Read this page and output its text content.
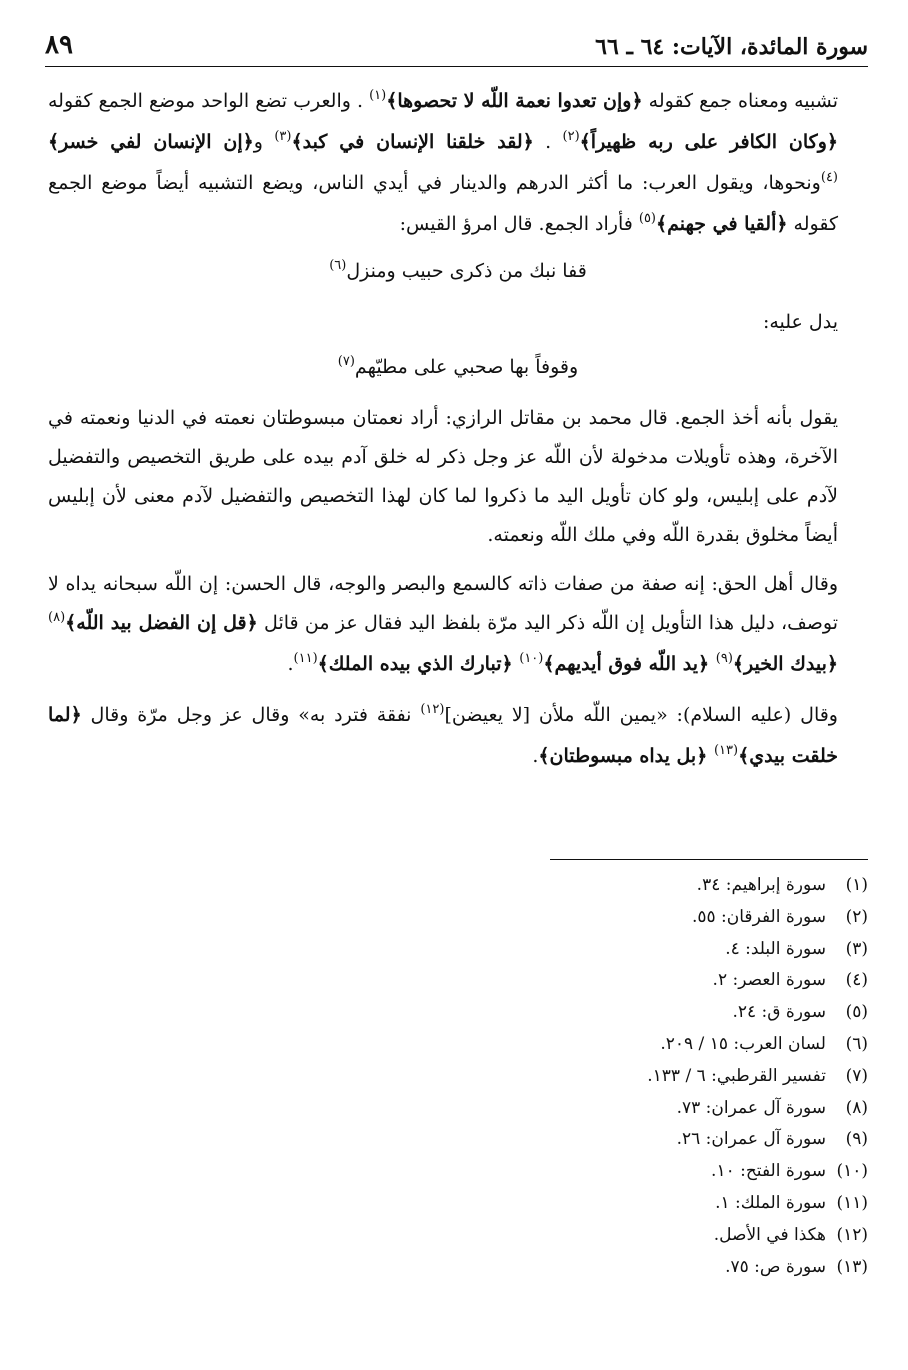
سورة المائدة، الآيات: ٦٤ ـ ٦٦
٨٩

تشبيه ومعناه جمع كقوله ﴿وإن تعدوا نعمة اللّه لا تحصوها﴾$^{(١)}$ . والعرب تضع الواحد موضع الجمع كقوله ﴿وكان الكافر على ربه ظهيراً﴾$^{(٢)}$ . ﴿لقد خلقنا الإنسان في كبد﴾$^{(٣)}$ و﴿إن الإنسان لفي خسر﴾$^{(٤)}$ونحوها، ويقول العرب: ما أكثر الدرهم والدينار في أيدي الناس، ويضع التشبيه أيضاً موضع الجمع كقوله ﴿ألقيا في جهنم﴾$^{(٥)}$ فأراد الجمع. قال امرؤ القيس:

قفا نبك من ذكرى حبيب ومنزل$^{(٦)}$

يدل عليه:

وقوفاً بها صحبي على مطيّهم$^{(٧)}$

يقول بأنه أخذ الجمع. قال محمد بن مقاتل الرازي: أراد نعمتان مبسوطتان نعمته في الدنيا ونعمته في الآخرة، وهذه تأويلات مدخولة لأن اللّه عز وجل ذكر له خلق آدم بيده على طريق التخصيص والتفضيل لآدم على إبليس، ولو كان تأويل اليد ما ذكروا لما كان لهذا التخصيص والتفضيل لآدم معنى لأن إبليس أيضاً مخلوق بقدرة اللّه وفي ملك اللّه ونعمته.

وقال أهل الحق: إنه صفة من صفات ذاته كالسمع والبصر والوجه، قال الحسن: إن اللّه سبحانه يداه لا توصف، دليل هذا التأويل إن اللّه ذكر اليد مرّة بلفظ اليد فقال عز من قائل ﴿قل إن الفضل بيد اللّه﴾$^{(٨)}$ ﴿بيدك الخير﴾$^{(٩)}$ ﴿يد اللّه فوق أيديهم﴾$^{(١٠)}$ ﴿تبارك الذي بيده الملك﴾$^{(١١)}$.

وقال (عليه السلام): «يمين اللّه ملأن [لا يعيضن]$^{(١٢)}$ نفقة فترد به» وقال عز وجل مرّة وقال ﴿لما خلقت بيدي﴾$^{(١٣)}$ ﴿بل يداه مبسوطتان﴾.

(١)
سورة إبراهيم: ٣٤.
(٢)
سورة الفرقان: ٥٥.
(٣)
سورة البلد: ٤.
(٤)
سورة العصر: ٢.
(٥)
سورة ق: ٢٤.
(٦)
لسان العرب: ١٥ / ٢٠٩.
(٧)
تفسير القرطبي: ٦ / ١٣٣.
(٨)
سورة آل عمران: ٧٣.
(٩)
سورة آل عمران: ٢٦.
(١٠)
سورة الفتح: ١٠.
(١١)
سورة الملك: ١.
(١٢)
هكذا في الأصل.
(١٣)
سورة ص: ٧٥.
